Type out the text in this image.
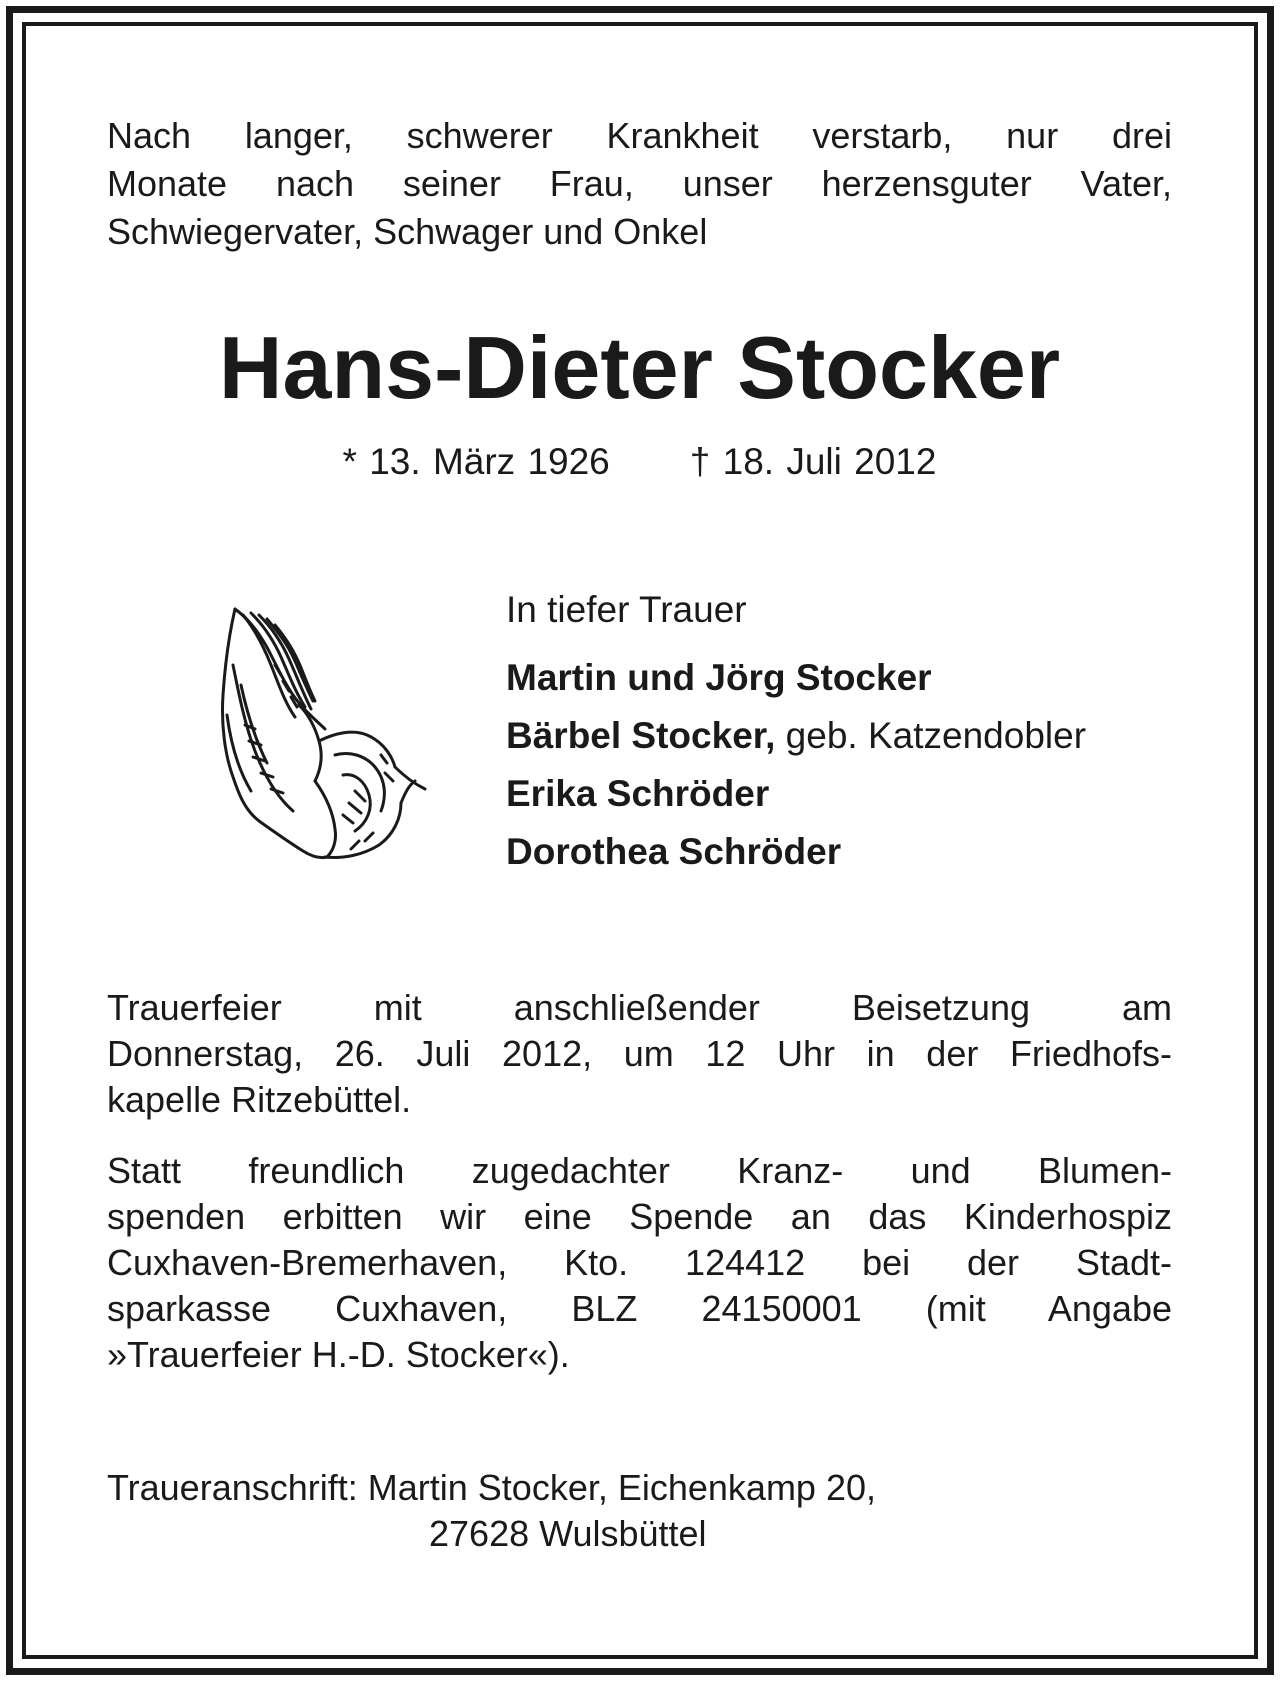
Nach langer, schwerer Krankheit verstarb, nur drei
Monate nach seiner Frau, unser herzensguter Vater,
Schwiegervater, Schwager und Onkel
Hans-Dieter Stocker
* 13. März 1926 † 18. Juli 2012
In tiefer Trauer
Martin und Jörg Stocker
Bärbel Stocker, geb. Katzendobler
Erika Schröder
Dorothea Schröder
Trauerfeier mit anschließender Beisetzung am
Donnerstag, 26. Juli 2012, um 12 Uhr in der Friedhofs-
kapelle Ritzebüttel.
Statt freundlich zugedachter Kranz- und Blumen-
spenden erbitten wir eine Spende an das Kinderhospiz
Cuxhaven-Bremerhaven, Kto. 124412 bei der Stadt-
sparkasse Cuxhaven, BLZ 24150001 (mit Angabe
»Trauerfeier H.-D. Stocker«).
Traueranschrift: Martin Stocker, Eichenkamp 20,
27628 Wulsbüttel
